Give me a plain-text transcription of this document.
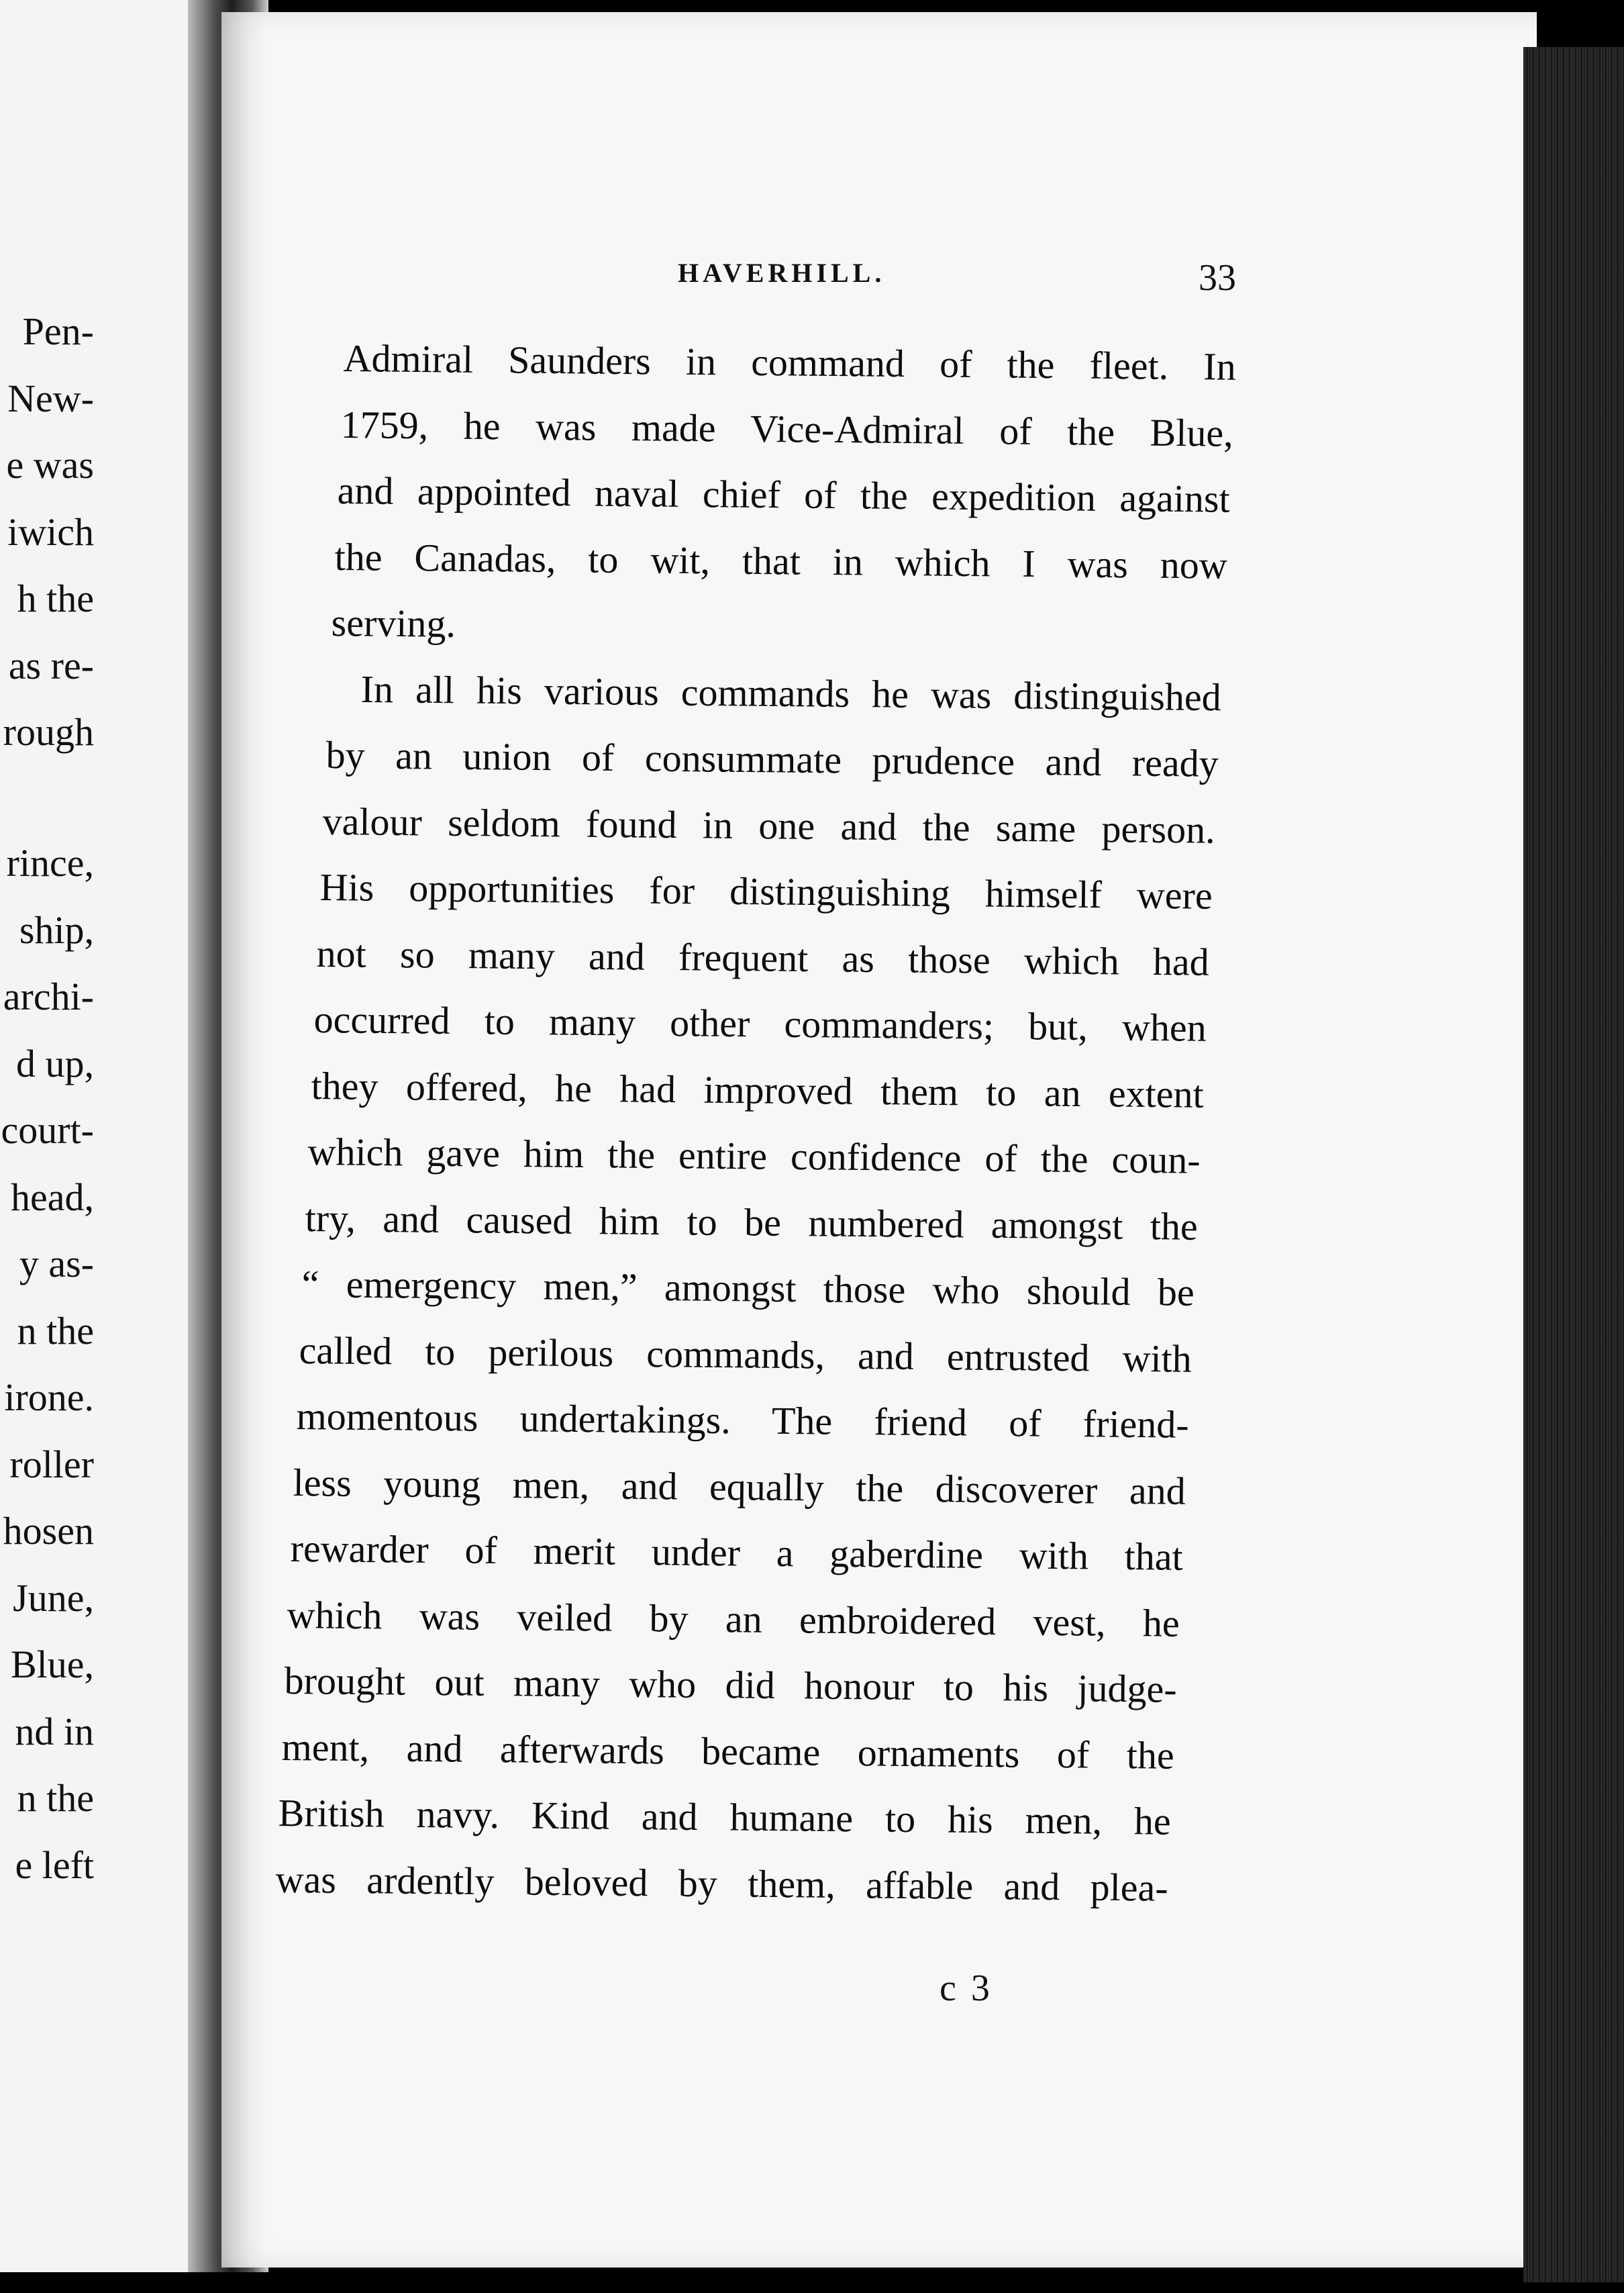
Pen-
New-
e was
iwich
h the
as re-
rough
rince,
ship,
archi-
d up,
court-
head,
y as-
n the
irone.
roller
hosen
June,
Blue,
nd in
n the
e left
HAVERHILL.	33
Admiral Saunders in command of the fleet. In
1759, he was made Vice-Admiral of the Blue,
and appointed naval chief of the expedition against
the Canadas, to wit, that in which I was now
serving.
In all his various commands he was distinguished
by an union of consummate prudence and ready
valour seldom found in one and the same person.
His opportunities for distinguishing himself were
not so many and frequent as those which had
occurred to many other commanders; but, when
they offered, he had improved them to an extent
which gave him the entire confidence of the coun-
try, and caused him to be numbered amongst the
“ emergency men,” amongst those who should be
called to perilous commands, and entrusted with
momentous undertakings. The friend of friend-
less young men, and equally the discoverer and
rewarder of merit under a gaberdine with that
which was veiled by an embroidered vest, he
brought out many who did honour to his judge-
ment, and afterwards became ornaments of the
British navy. Kind and humane to his men, he
was ardently beloved by them, affable and plea-
c 3
